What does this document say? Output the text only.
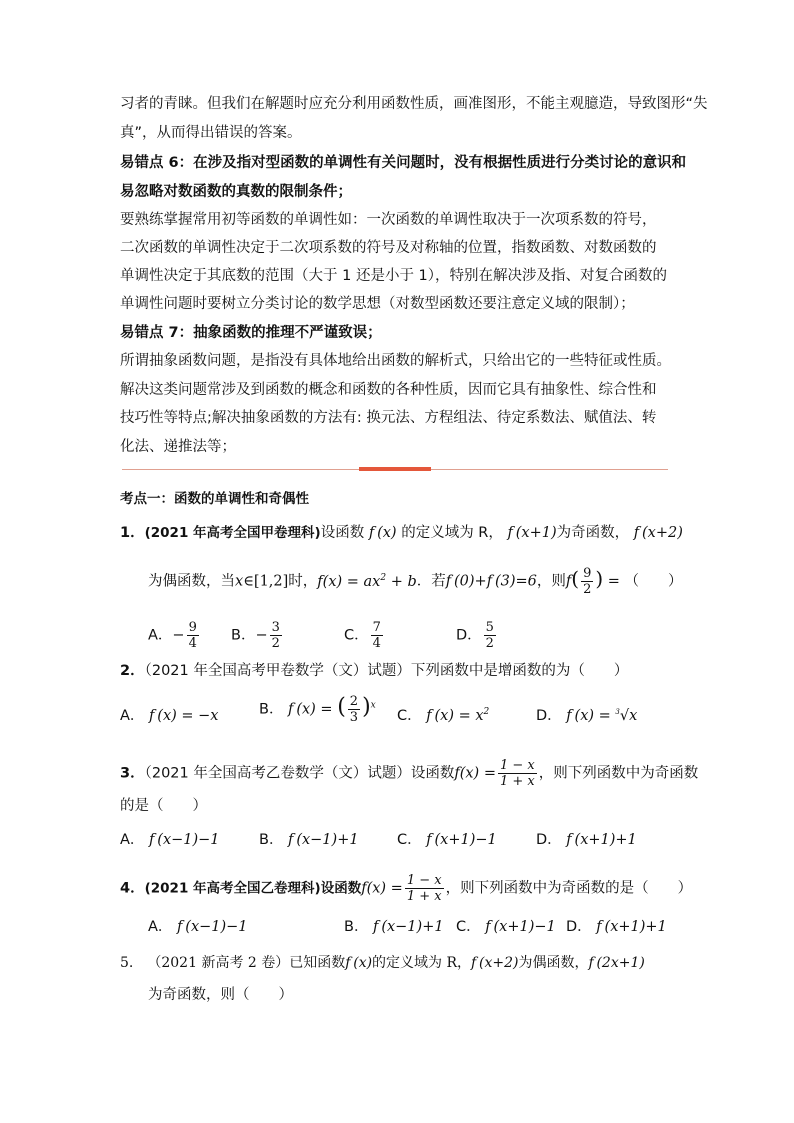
习者的青睐。但我们在解题时应充分利用函数性质，画准图形，不能主观臆造，导致图形“失
真”，从而得出错误的答案。
易错点 6：在涉及指对型函数的单调性有关问题时，没有根据性质进行分类讨论的意识和
易忽略对数函数的真数的限制条件；
要熟练掌握常用初等函数的单调性如：一次函数的单调性取决于一次项系数的符号，
二次函数的单调性决定于二次项系数的符号及对称轴的位置，指数函数、对数函数的
单调性决定于其底数的范围（大于 1 还是小于 1），特别在解决涉及指、对复合函数的
单调性问题时要树立分类讨论的数学思想（对数型函数还要注意定义域的限制）；
易错点 7：抽象函数的推理不严谨致误；
所谓抽象函数问题，是指没有具体地给出函数的解析式，只给出它的一些特征或性质。
解决这类问题常涉及到函数的概念和函数的各种性质，因而它具有抽象性、综合性和
技巧性等特点;解决抽象函数的方法有: 换元法、方程组法、待定系数法、赋值法、转
化法、递推法等；
考点一：函数的单调性和奇偶性
1．(2021 年高考全国甲卷理科)设函数 f (x) 的定义域为 R， f (x+1)为奇函数， f (x+2)
为偶函数，当x∈[1,2]时，$f(x) = ax^2 + b$．若f (0)+f (3)=6，则$f( \frac{9}{2}$ ) = （　　）
A．− $\frac{9}{4}$ B．− $\frac{3}{2}$	C． $\frac{7}{4}$	D． $\frac{5}{2}$
2．（2021 年全国高考甲卷数学（文）试题）下列函数中是增函数的为（　　）
A． f (x) = −x	B． f (x) = ( $\frac{2}{3} )^x$
C． f $(x) = x^2$	D． f (x) = $^3$√x
3．（2021 年全国高考乙卷数学（文）试题）设函数$f(x) = \frac{1 - x}{1 + x}$ ，则下列函数中为奇函数
的是（　　）
A． f (x−1)−1	B． f (x−1)+1	C． f (x+1)−1	D． f (x+1)+1
4．(2021 年高考全国乙卷理科)设函数$f(x) = \frac{1 - x}{1 + x}$ ，则下列函数中为奇函数的是（　　）
A． f (x−1)−1	B． f (x−1)+1 C． f (x+1)−1 D． f (x+1)+1
5. （2021 新高考 2 卷）已知函数f (x)的定义域为 R，f (x+2)为偶函数，f (2x+1)
为奇函数，则（　　）
